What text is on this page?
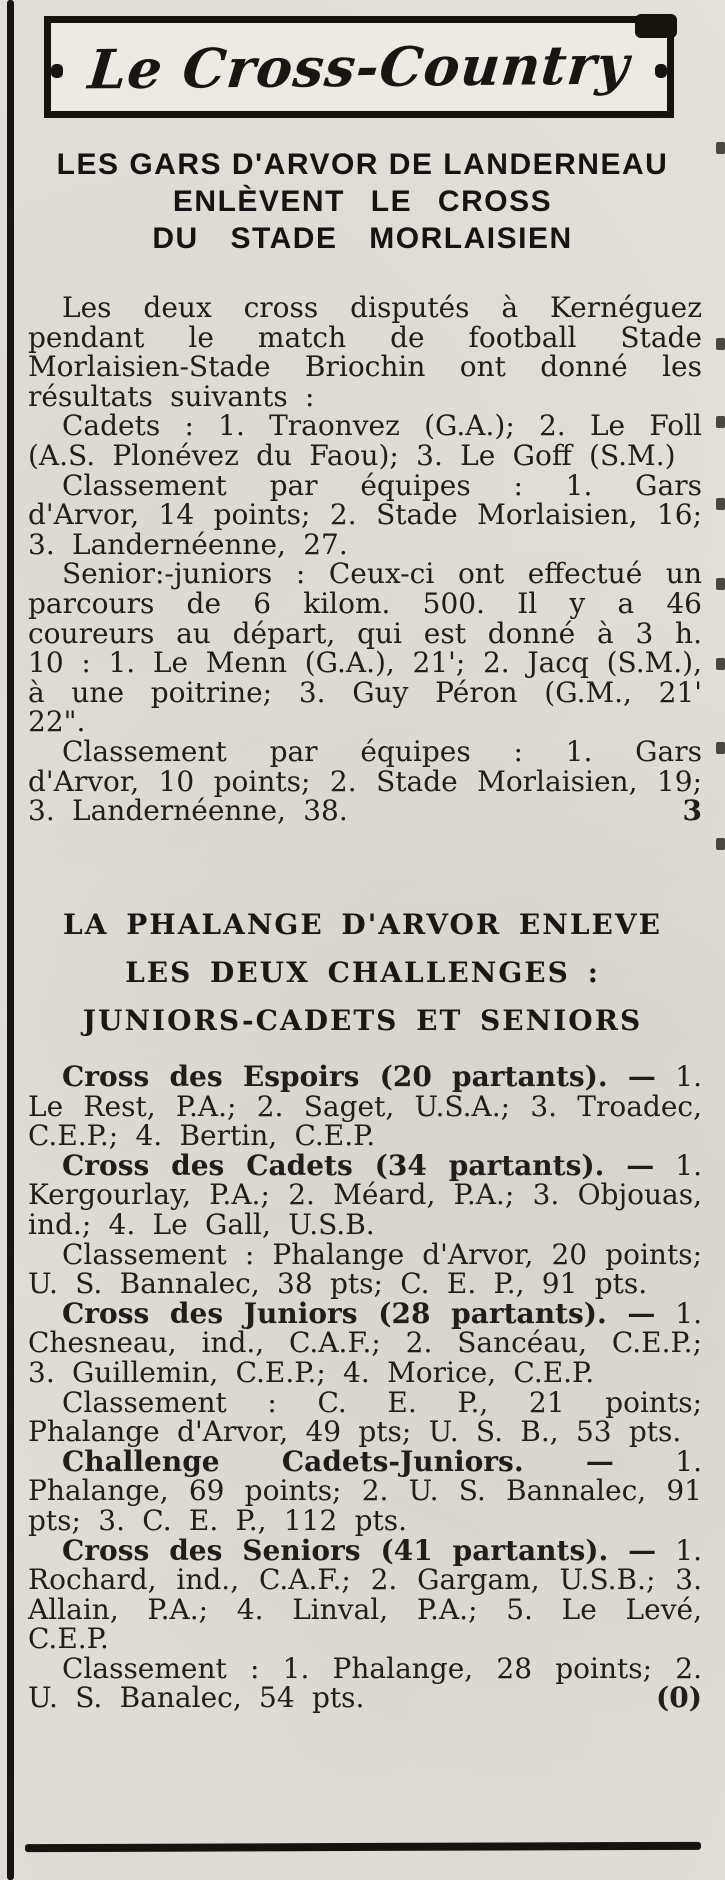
Le Cross-Country
LES GARS D'ARVOR DE LANDERNEAU
ENLÈVENT LE CROSS
DU STADE MORLAISIEN

Les deux cross disputés à Kernéguez pendant le match de football Stade Morlaisien-Stade Briochin ont donné les résultats suivants :

Cadets : 1. Traonvez (G.A.); 2. Le Foll (A.S. Plonévez du Faou); 3. Le Goff (S.M.)

Classement par équipes : 1. Gars d'Arvor, 14 points; 2. Stade Morlaisien, 16; 3. Landernéenne, 27.

Senior:-juniors : Ceux-ci ont effectué un parcours de 6 kilom. 500. Il y a 46 coureurs au départ, qui est donné à 3 h. 10 : 1. Le Menn (G.A.), 21'; 2. Jacq (S.M.), à une poitrine; 3. Guy Péron (G.M., 21' 22".

Classement par équipes : 1. Gars d'Arvor, 10 points; 2. Stade Morlaisien, 19; 3. Landernéenne, 38.	3

LA PHALANGE D'ARVOR ENLEVE
LES DEUX CHALLENGES :
JUNIORS-CADETS ET SENIORS

Cross des Espoirs (20 partants). — 1. Le Rest, P.A.; 2. Saget, U.S.A.; 3. Troadec, C.E.P.; 4. Bertin, C.E.P.

Cross des Cadets (34 partants). — 1. Kergourlay, P.A.; 2. Méard, P.A.; 3. Objouas, ind.; 4. Le Gall, U.S.B.

Classement : Phalange d'Arvor, 20 points; U. S. Bannalec, 38 pts; C. E. P., 91 pts.

Cross des Juniors (28 partants). — 1. Chesneau, ind., C.A.F.; 2. Sancéau, C.E.P.; 3. Guillemin, C.E.P.; 4. Morice, C.E.P.

Classement : C. E. P., 21 points; Phalange d'Arvor, 49 pts; U. S. B., 53 pts.

Challenge Cadets-Juniors. — 1. Phalange, 69 points; 2. U. S. Bannalec, 91 pts; 3. C. E. P., 112 pts.

Cross des Seniors (41 partants). — 1. Rochard, ind., C.A.F.; 2. Gargam, U.S.B.; 3. Allain, P.A.; 4. Linval, P.A.; 5. Le Levé, C.E.P.

Classement : 1. Phalange, 28 points; 2. U. S. Banalec, 54 pts.	(0)
